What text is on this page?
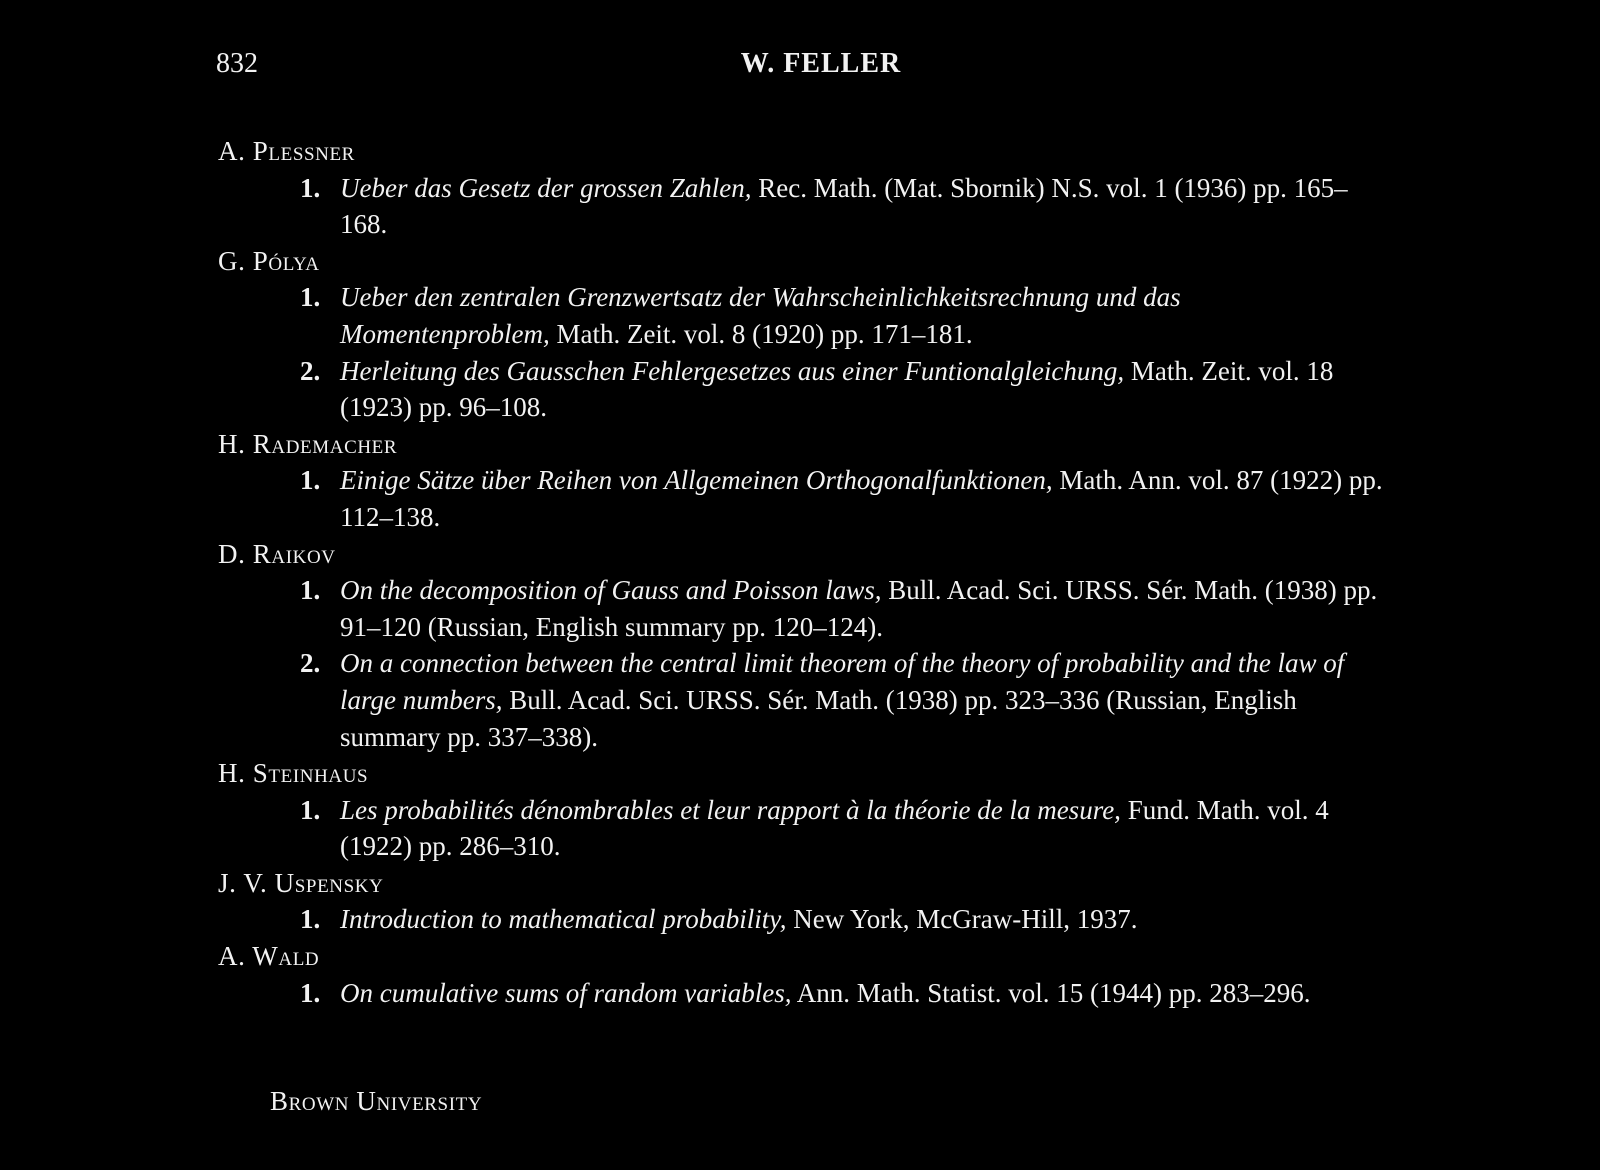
832	W. FELLER
A. Plessner
1. Ueber das Gesetz der grossen Zahlen, Rec. Math. (Mat. Sbornik) N.S. vol. 1 (1936) pp. 165–168.
G. Pólya
1. Ueber den zentralen Grenzwertsatz der Wahrscheinlichkeitsrechnung und das Momentenproblem, Math. Zeit. vol. 8 (1920) pp. 171–181.
2. Herleitung des Gausschen Fehlergesetzes aus einer Funtionalgleichung, Math. Zeit. vol. 18 (1923) pp. 96–108.
H. Rademacher
1. Einige Sätze über Reihen von Allgemeinen Orthogonalfunktionen, Math. Ann. vol. 87 (1922) pp. 112–138.
D. Raikov
1. On the decomposition of Gauss and Poisson laws, Bull. Acad. Sci. URSS. Sér. Math. (1938) pp. 91–120 (Russian, English summary pp. 120–124).
2. On a connection between the central limit theorem of the theory of probability and the law of large numbers, Bull. Acad. Sci. URSS. Sér. Math. (1938) pp. 323–336 (Russian, English summary pp. 337–338).
H. Steinhaus
1. Les probabilités dénombrables et leur rapport à la théorie de la mesure, Fund. Math. vol. 4 (1922) pp. 286–310.
J. V. Uspensky
1. Introduction to mathematical probability, New York, McGraw-Hill, 1937.
A. Wald
1. On cumulative sums of random variables, Ann. Math. Statist. vol. 15 (1944) pp. 283–296.
Brown University
